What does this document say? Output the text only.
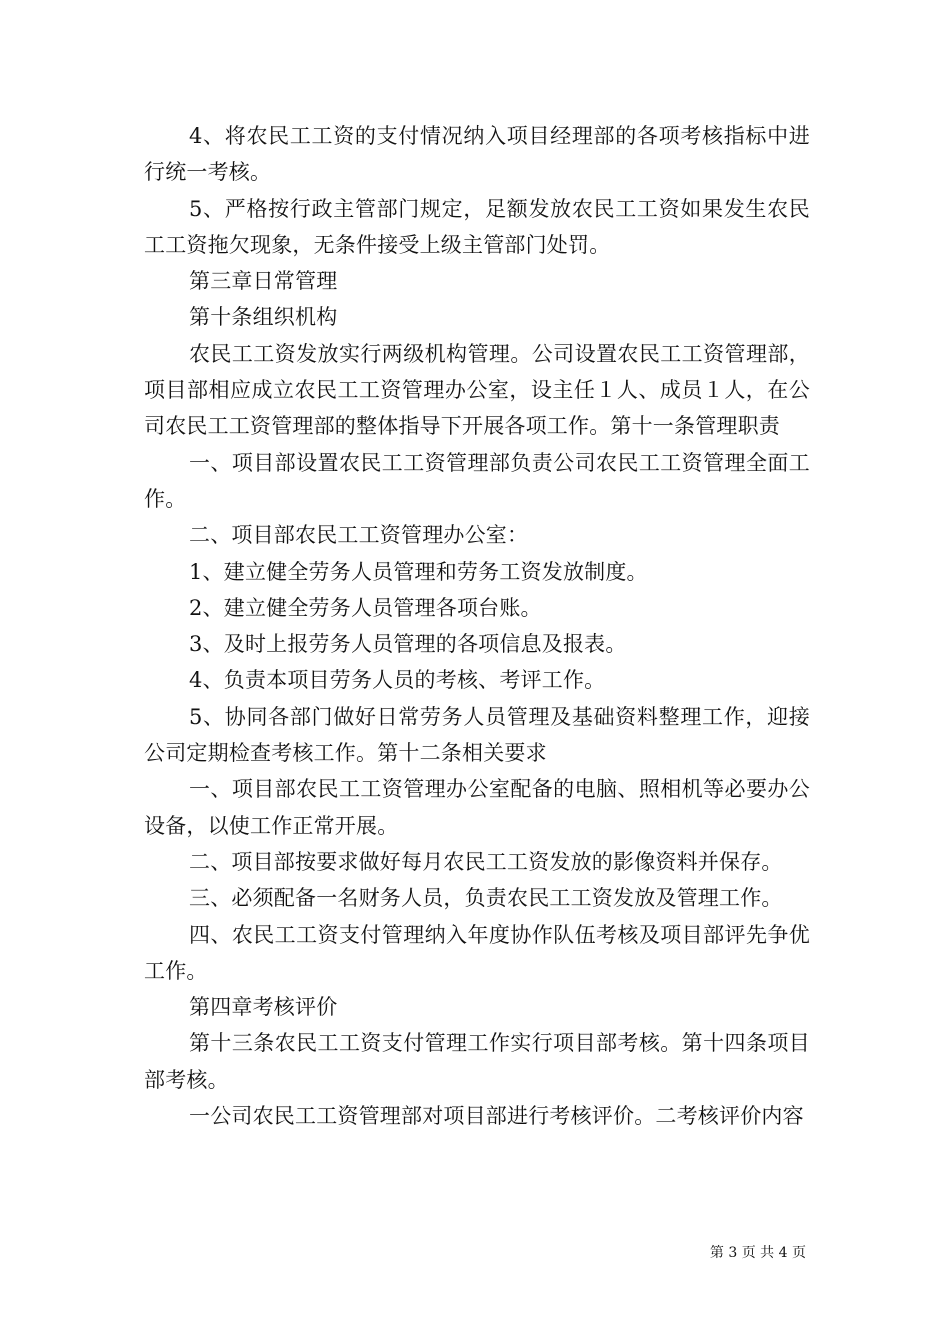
4、将农民工工资的支付情况纳入项目经理部的各项考核指标中进行统一考核。

5、严格按行政主管部门规定，足额发放农民工工资如果发生农民工工资拖欠现象，无条件接受上级主管部门处罚。

第三章日常管理

第十条组织机构

农民工工资发放实行两级机构管理。公司设置农民工工资管理部，项目部相应成立农民工工资管理办公室，设主任１人、成员１人，在公司农民工工资管理部的整体指导下开展各项工作。第十一条管理职责

一、项目部设置农民工工资管理部负责公司农民工工资管理全面工作。

二、项目部农民工工资管理办公室：

1、建立健全劳务人员管理和劳务工资发放制度。

2、建立健全劳务人员管理各项台账。

3、及时上报劳务人员管理的各项信息及报表。

4、负责本项目劳务人员的考核、考评工作。

5、协同各部门做好日常劳务人员管理及基础资料整理工作，迎接公司定期检查考核工作。第十二条相关要求

一、项目部农民工工资管理办公室配备的电脑、照相机等必要办公设备，以使工作正常开展。

二、项目部按要求做好每月农民工工资发放的影像资料并保存。

三、必须配备一名财务人员，负责农民工工资发放及管理工作。

四、农民工工资支付管理纳入年度协作队伍考核及项目部评先争优工作。

第四章考核评价

第十三条农民工工资支付管理工作实行项目部考核。第十四条项目部考核。

一公司农民工工资管理部对项目部进行考核评价。二考核评价内容

第 3 页 共 4 页
